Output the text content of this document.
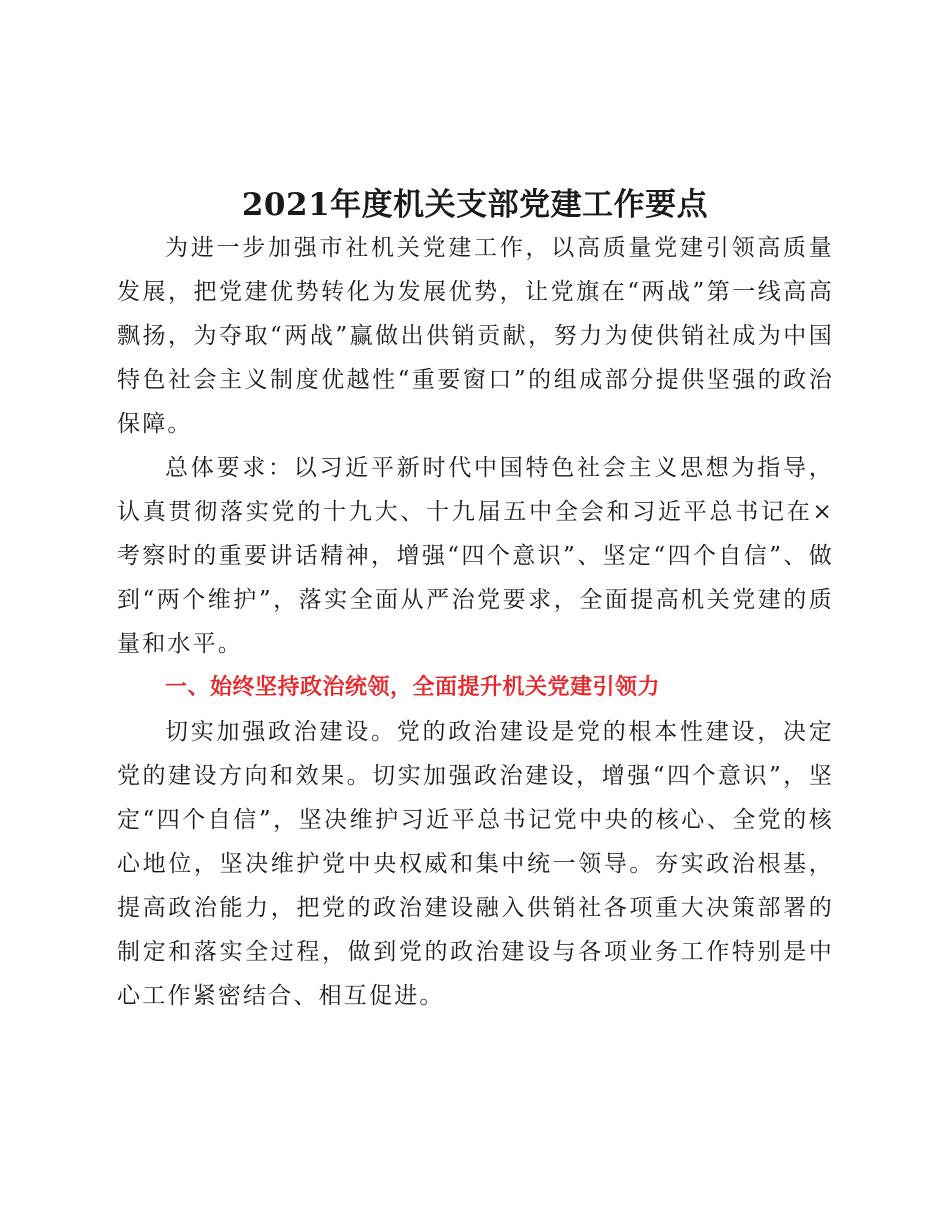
2021年度机关支部党建工作要点

为进一步加强市社机关党建工作，以高质量党建引领高质量发展，把党建优势转化为发展优势，让党旗在“两战”第一线高高飘扬，为夺取“两战”赢做出供销贡献，努力为使供销社成为中国特色社会主义制度优越性“重要窗口”的组成部分提供坚强的政治保障。

总体要求：以习近平新时代中国特色社会主义思想为指导，认真贯彻落实党的十九大、十九届五中全会和习近平总书记在×考察时的重要讲话精神，增强“四个意识”、坚定“四个自信”、做到“两个维护”，落实全面从严治党要求，全面提高机关党建的质量和水平。

一、始终坚持政治统领，全面提升机关党建引领力

切实加强政治建设。党的政治建设是党的根本性建设，决定党的建设方向和效果。切实加强政治建设，增强“四个意识”，坚定“四个自信”，坚决维护习近平总书记党中央的核心、全党的核心地位，坚决维护党中央权威和集中统一领导。夯实政治根基，提高政治能力，把党的政治建设融入供销社各项重大决策部署的制定和落实全过程，做到党的政治建设与各项业务工作特别是中心工作紧密结合、相互促进。
